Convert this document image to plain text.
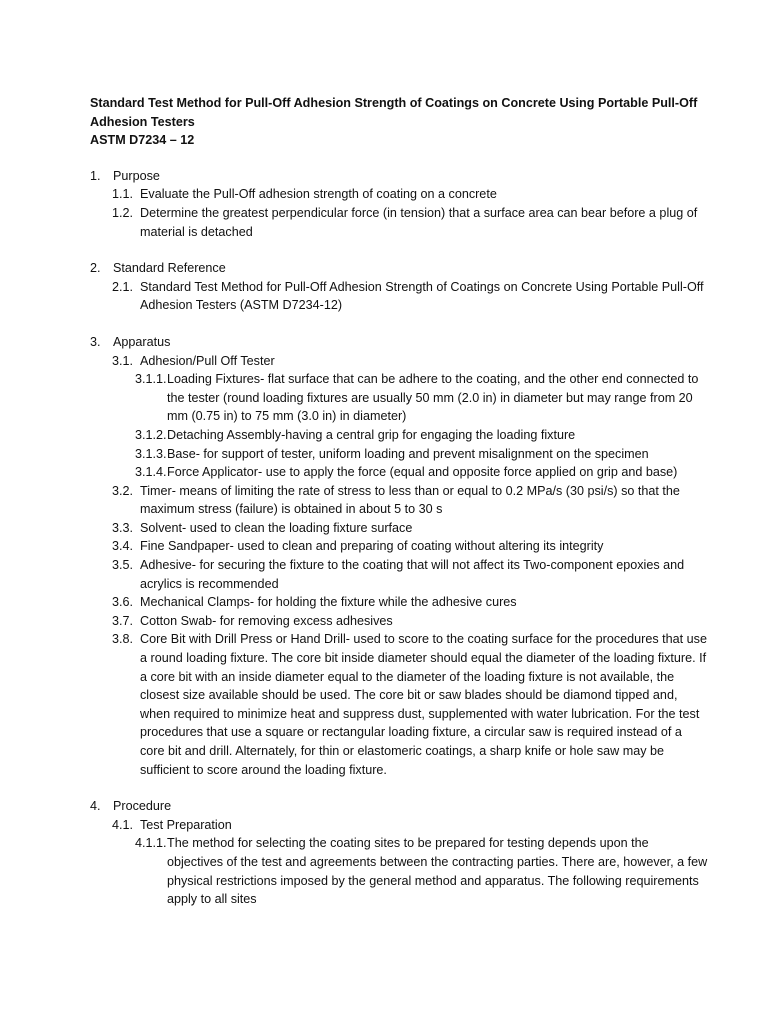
Standard Test Method for Pull-Off Adhesion Strength of Coatings on Concrete Using Portable Pull-Off Adhesion Testers
ASTM D7234 – 12
1. Purpose
1.1. Evaluate the Pull-Off adhesion strength of coating on a concrete
1.2. Determine the greatest perpendicular force (in tension) that a surface area can bear before a plug of material is detached
2. Standard Reference
2.1. Standard Test Method for Pull-Off Adhesion Strength of Coatings on Concrete Using Portable Pull-Off Adhesion Testers (ASTM D7234-12)
3. Apparatus
3.1. Adhesion/Pull Off Tester
3.1.1. Loading Fixtures- flat surface that can be adhere to the coating, and the other end connected to the tester (round loading fixtures are usually 50 mm (2.0 in) in diameter but may range from 20 mm (0.75 in) to 75 mm (3.0 in) in diameter)
3.1.2. Detaching Assembly-having a central grip for engaging the loading fixture
3.1.3. Base- for support of tester, uniform loading and prevent misalignment on the specimen
3.1.4. Force Applicator- use to apply the force (equal and opposite force applied on grip and base)
3.2. Timer- means of limiting the rate of stress to less than or equal to 0.2 MPa/s (30 psi/s) so that the maximum stress (failure) is obtained in about 5 to 30 s
3.3. Solvent- used to clean the loading fixture surface
3.4. Fine Sandpaper- used to clean and preparing of coating without altering its integrity
3.5. Adhesive- for securing the fixture to the coating that will not affect its Two-component epoxies and acrylics is recommended
3.6. Mechanical Clamps- for holding the fixture while the adhesive cures
3.7. Cotton Swab- for removing excess adhesives
3.8. Core Bit with Drill Press or Hand Drill- used to score to the coating surface for the procedures that use a round loading fixture. The core bit inside diameter should equal the diameter of the loading fixture. If a core bit with an inside diameter equal to the diameter of the loading fixture is not available, the closest size available should be used. The core bit or saw blades should be diamond tipped and, when required to minimize heat and suppress dust, supplemented with water lubrication. For the test procedures that use a square or rectangular loading fixture, a circular saw is required instead of a core bit and drill. Alternately, for thin or elastomeric coatings, a sharp knife or hole saw may be sufficient to score around the loading fixture.
4. Procedure
4.1. Test Preparation
4.1.1. The method for selecting the coating sites to be prepared for testing depends upon the objectives of the test and agreements between the contracting parties. There are, however, a few physical restrictions imposed by the general method and apparatus. The following requirements apply to all sites
